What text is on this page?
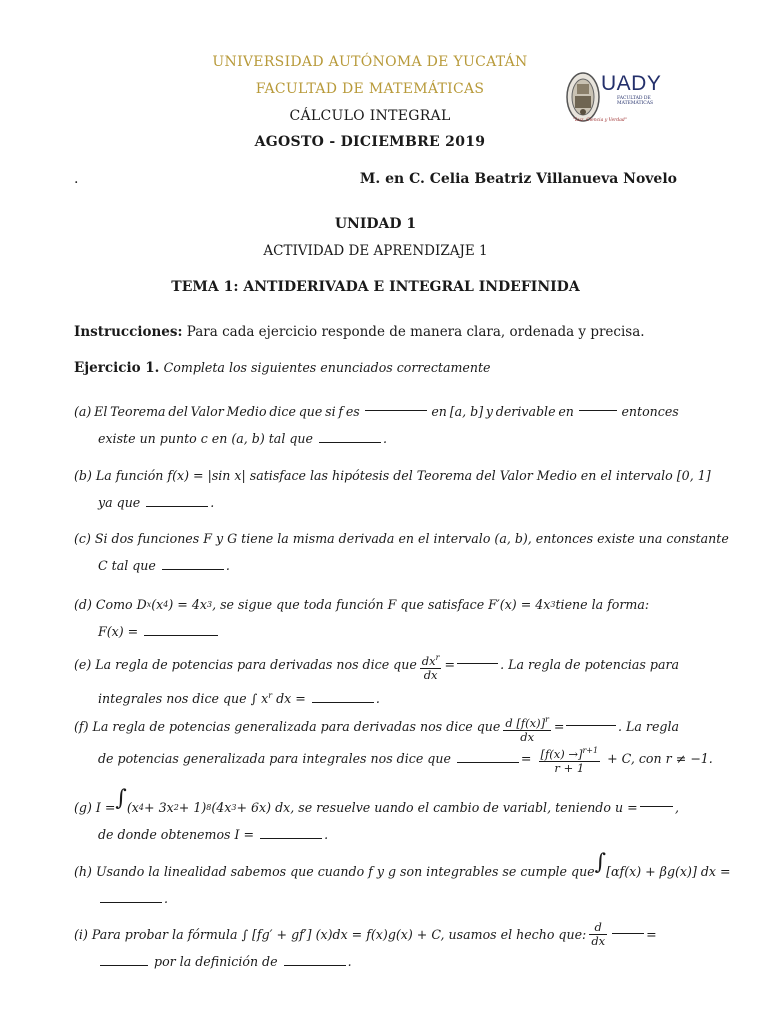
UNIVERSIDAD AUTÓNOMA DE YUCATÁN
FACULTAD DE MATEMÁTICAS
CÁLCULO INTEGRAL
AGOSTO - DICIEMBRE 2019
UADY
FACULTAD DE MATEMÁTICAS
"Luz, Ciencia y Verdad"
.	M. en C. Celia Beatriz Villanueva Novelo
UNIDAD 1
ACTIVIDAD DE APRENDIZAJE 1
TEMA 1: ANTIDERIVADA E INTEGRAL INDEFINIDA
Instrucciones: Para cada ejercicio responde de manera clara, ordenada y precisa.
Ejercicio 1. Completa los siguientes enunciados correctamente
(a) El Teorema del Valor Medio dice que si f es	en [a, b] y derivable en	entonces
existe un punto c en (a, b) tal que	.
(b) La función f(x) = |sin x| satisface las hipótesis del Teorema del Valor Medio en el intervalo [0, 1]
ya que	.
(c) Si dos funciones F y G tiene la misma derivada en el intervalo (a, b), entonces existe una constante
C tal que	.
(d) Como D x (x 4 ) = 4x 3 , se sigue que toda función F que satisface F′(x) = 4x 3 tiene la forma:
F(x) =
(e) La regla de potencias para derivadas nos dice que $\frac{dx^r}{dx}$ =	. La regla de potencias para
integrales nos dice que ∫ $x^r$ dx =	.
(f) La regla de potencias generalizada para derivadas nos dice que $\frac{d [f(x)]^r}{dx}$ =	. La regla
de potencias generalizada para integrales nos dice que	= $\frac{[f(x) \to]^{r+1}}{r + 1} + C$, con r ≠ −1.
(g) I = ∫ (x 4 + 3x 2 + 1) 8 (4x 3 + 6x) dx, se resuelve uando el cambio de variabl, teniendo u =	,
de donde obtenemos I =	.
(h) Usando la linealidad sabemos que cuando f y g son integrables se cumple que ∫ [αf(x) + βg(x)] dx =
.
(i) Para probar la fórmula ∫ [fg′ + gf′] (x)dx = f(x)g(x) + C, usamos el hecho que: $\frac{d}{dx}$	=
por la definición de	.
